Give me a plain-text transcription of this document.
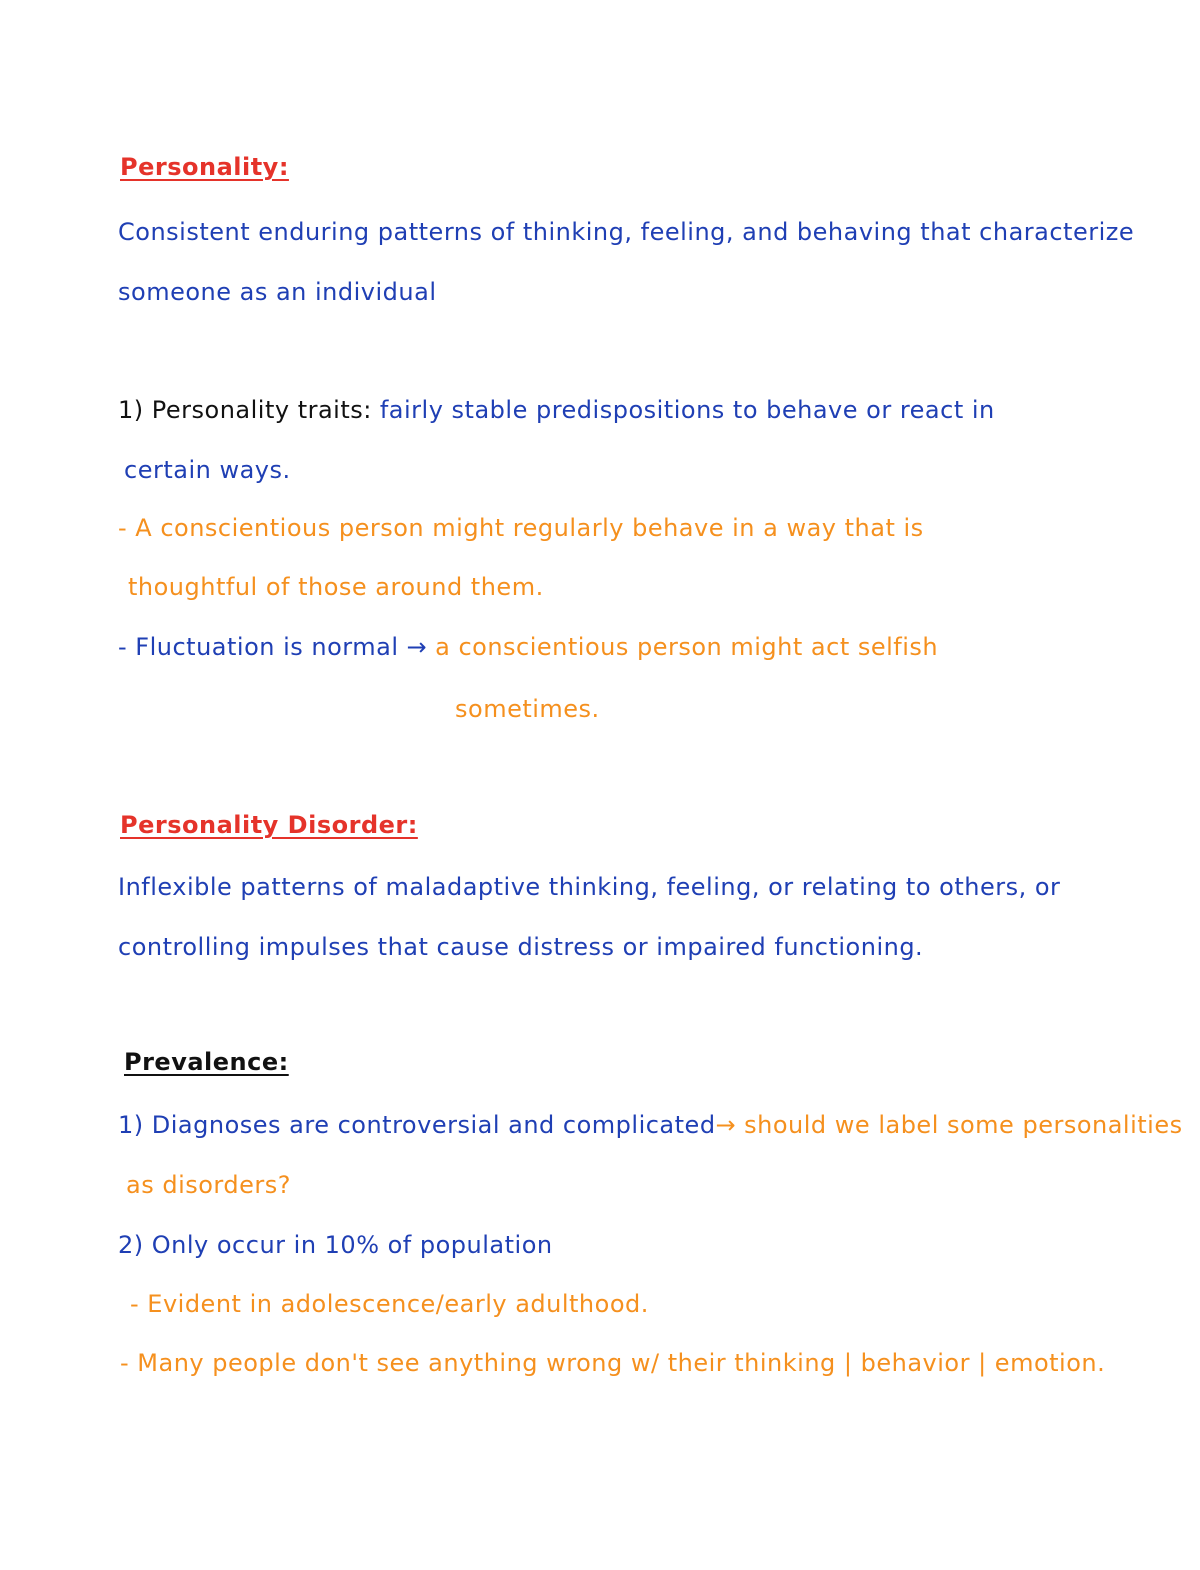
Personality:
Consistent enduring patterns of thinking, feeling, and behaving that characterize
someone as an individual
1) Personality traits: fairly stable predispositions to behave or react in
certain ways.
- A conscientious person might regularly behave in a way that is
thoughtful of those around them.
- Fluctuation is normal → a conscientious person might act selfish
sometimes.
Personality Disorder:
Inflexible patterns of maladaptive thinking, feeling, or relating to others, or
controlling impulses that cause distress or impaired functioning.
Prevalence:
1) Diagnoses are controversial and complicated→ should we label some personalities
as disorders?
2) Only occur in 10% of population
- Evident in adolescence/early adulthood.
- Many people don't see anything wrong w/ their thinking | behavior | emotion.
